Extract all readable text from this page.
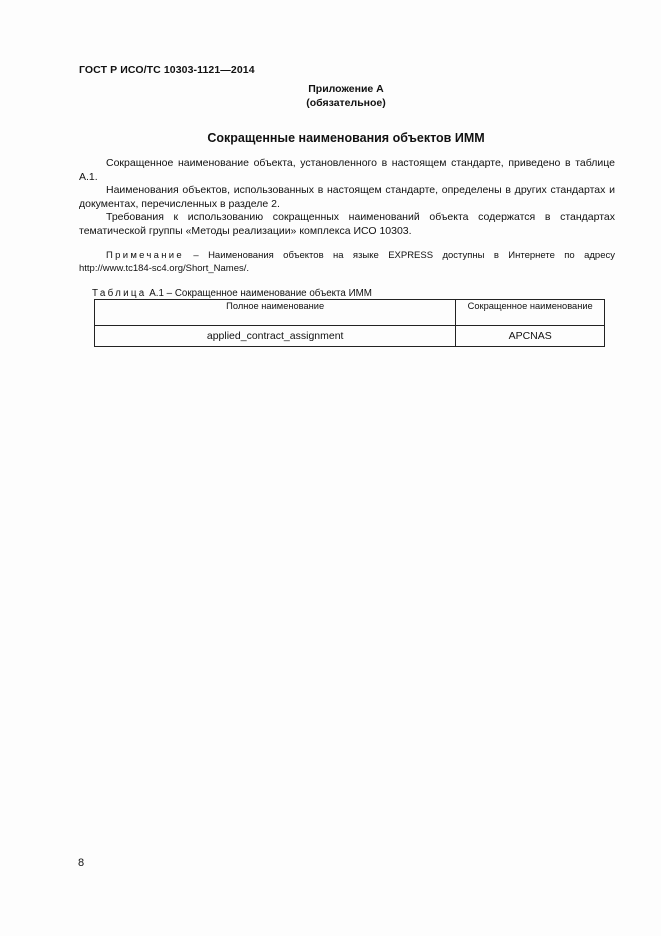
ГОСТ Р ИСО/ТС 10303-1121—2014
Приложение А
(обязательное)
Сокращенные наименования объектов ИММ

Сокращенное наименование объекта, установленного в настоящем стандарте, приведено в таблице А.1.

Наименования объектов, использованных в настоящем стандарте, определены в других стандартах и документах, перечисленных в разделе 2.

Требования к использованию сокращенных наименований объекта содержатся в стандартах тематической группы «Методы реализации» комплекса ИСО 10303.

Примечание – Наименования объектов на языке EXPRESS доступны в Интернете по адресу http://www.tc184-sc4.org/Short_Names/.

Таблица А.1 – Сокращенное наименование объекта ИММ
Полное наименование	Сокращенное наименование
applied_contract_assignment	APCNAS
8
